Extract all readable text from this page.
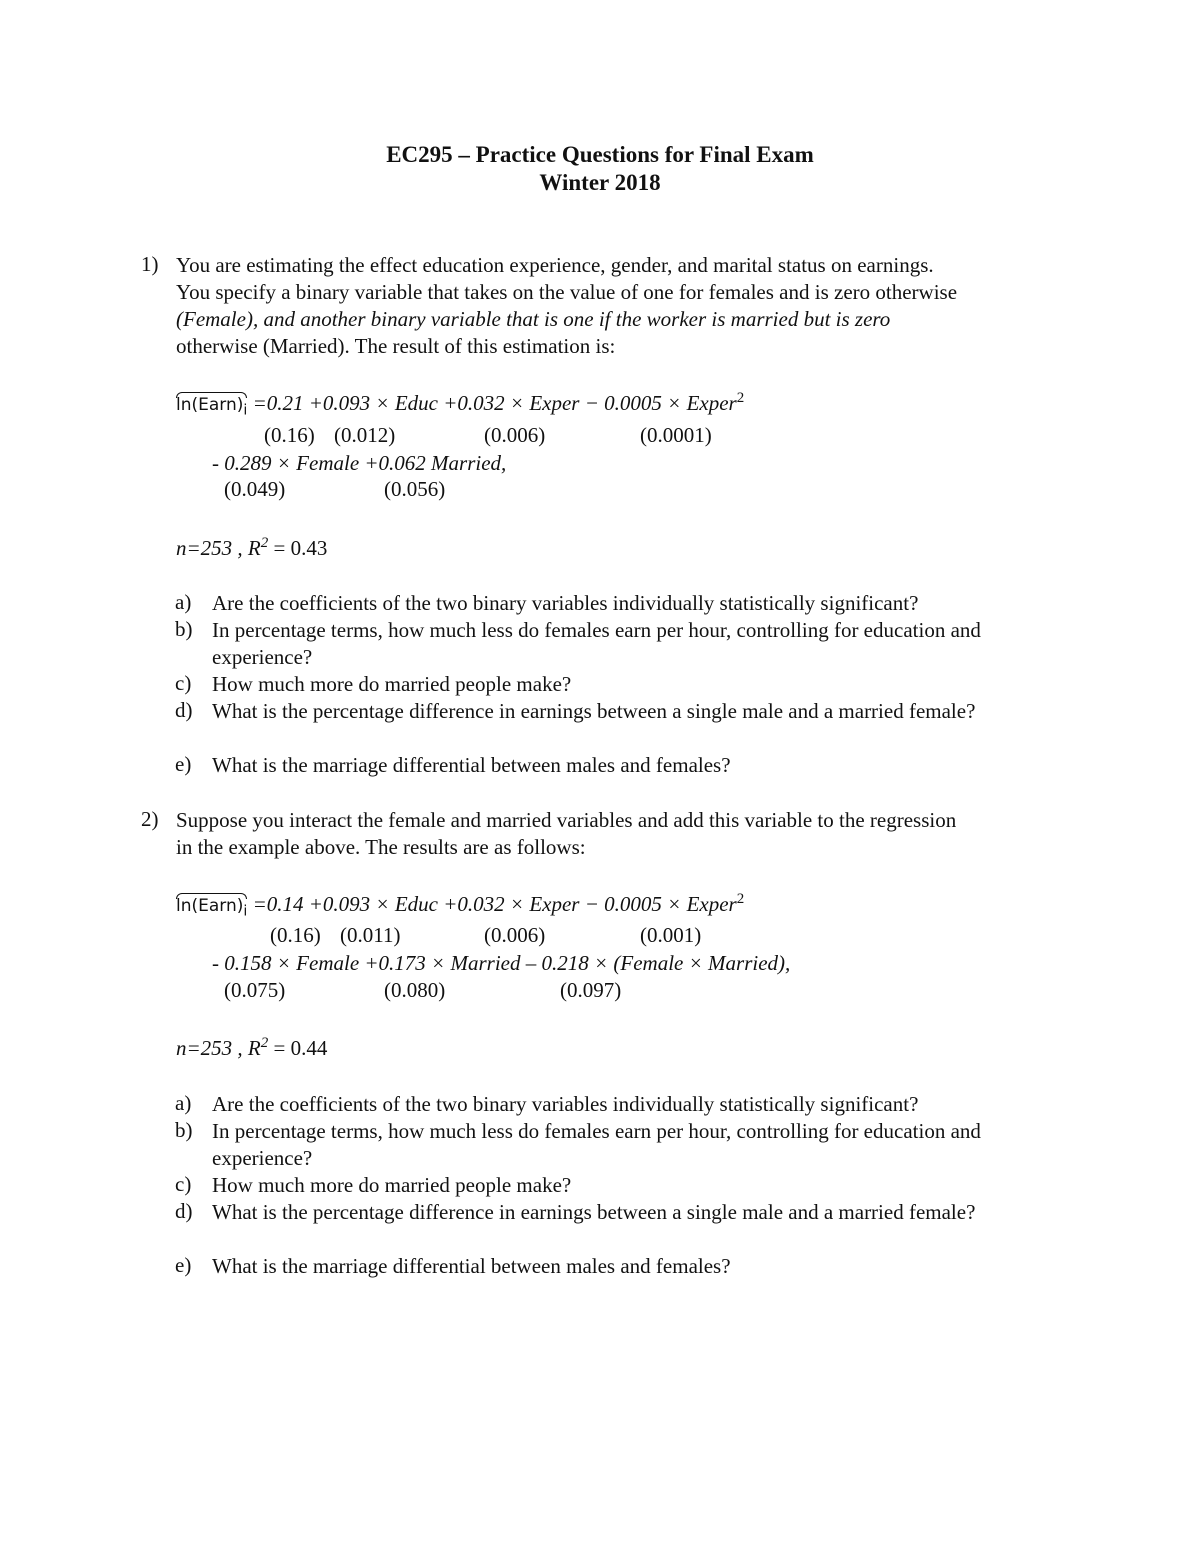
EC295 – Practice Questions for Final Exam
Winter 2018
1) You are estimating the effect education experience, gender, and marital status on earnings.
You specify a binary variable that takes on the value of one for females and is zero otherwise
(Female), and another binary variable that is one if the worker is married but is zero
otherwise (Married). The result of this estimation is:
$\ln(Earn)_i =0.21 +0.093$ × Educ +0.032 × Exper − 0.0005 × Exper$^2$
(0.16) (0.012)	(0.006)	(0.0001)
- 0.289 × Female +0.062 Married,
(0.049)	(0.056)
n=253 , $R^2 = 0.43$
a) Are the coefficients of the two binary variables individually statistically significant?
b) In percentage terms, how much less do females earn per hour, controlling for education and experience?
c) How much more do married people make?
d) What is the percentage difference in earnings between a single male and a married female?
e) What is the marriage differential between males and females?
2) Suppose you interact the female and married variables and add this variable to the regression
in the example above. The results are as follows:
$\ln(Earn)_i =0.14 +0.093$ × Educ +0.032 × Exper − 0.0005 × Exper$^2$
(0.16) (0.011)	(0.006)	(0.001)
- 0.158 × Female +0.173 × Married – 0.218 × (Female × Married),
(0.075)	(0.080)	(0.097)
n=253 , $R^2 = 0.44$
a) Are the coefficients of the two binary variables individually statistically significant?
b) In percentage terms, how much less do females earn per hour, controlling for education and experience?
c) How much more do married people make?
d) What is the percentage difference in earnings between a single male and a married female?
e) What is the marriage differential between males and females?
